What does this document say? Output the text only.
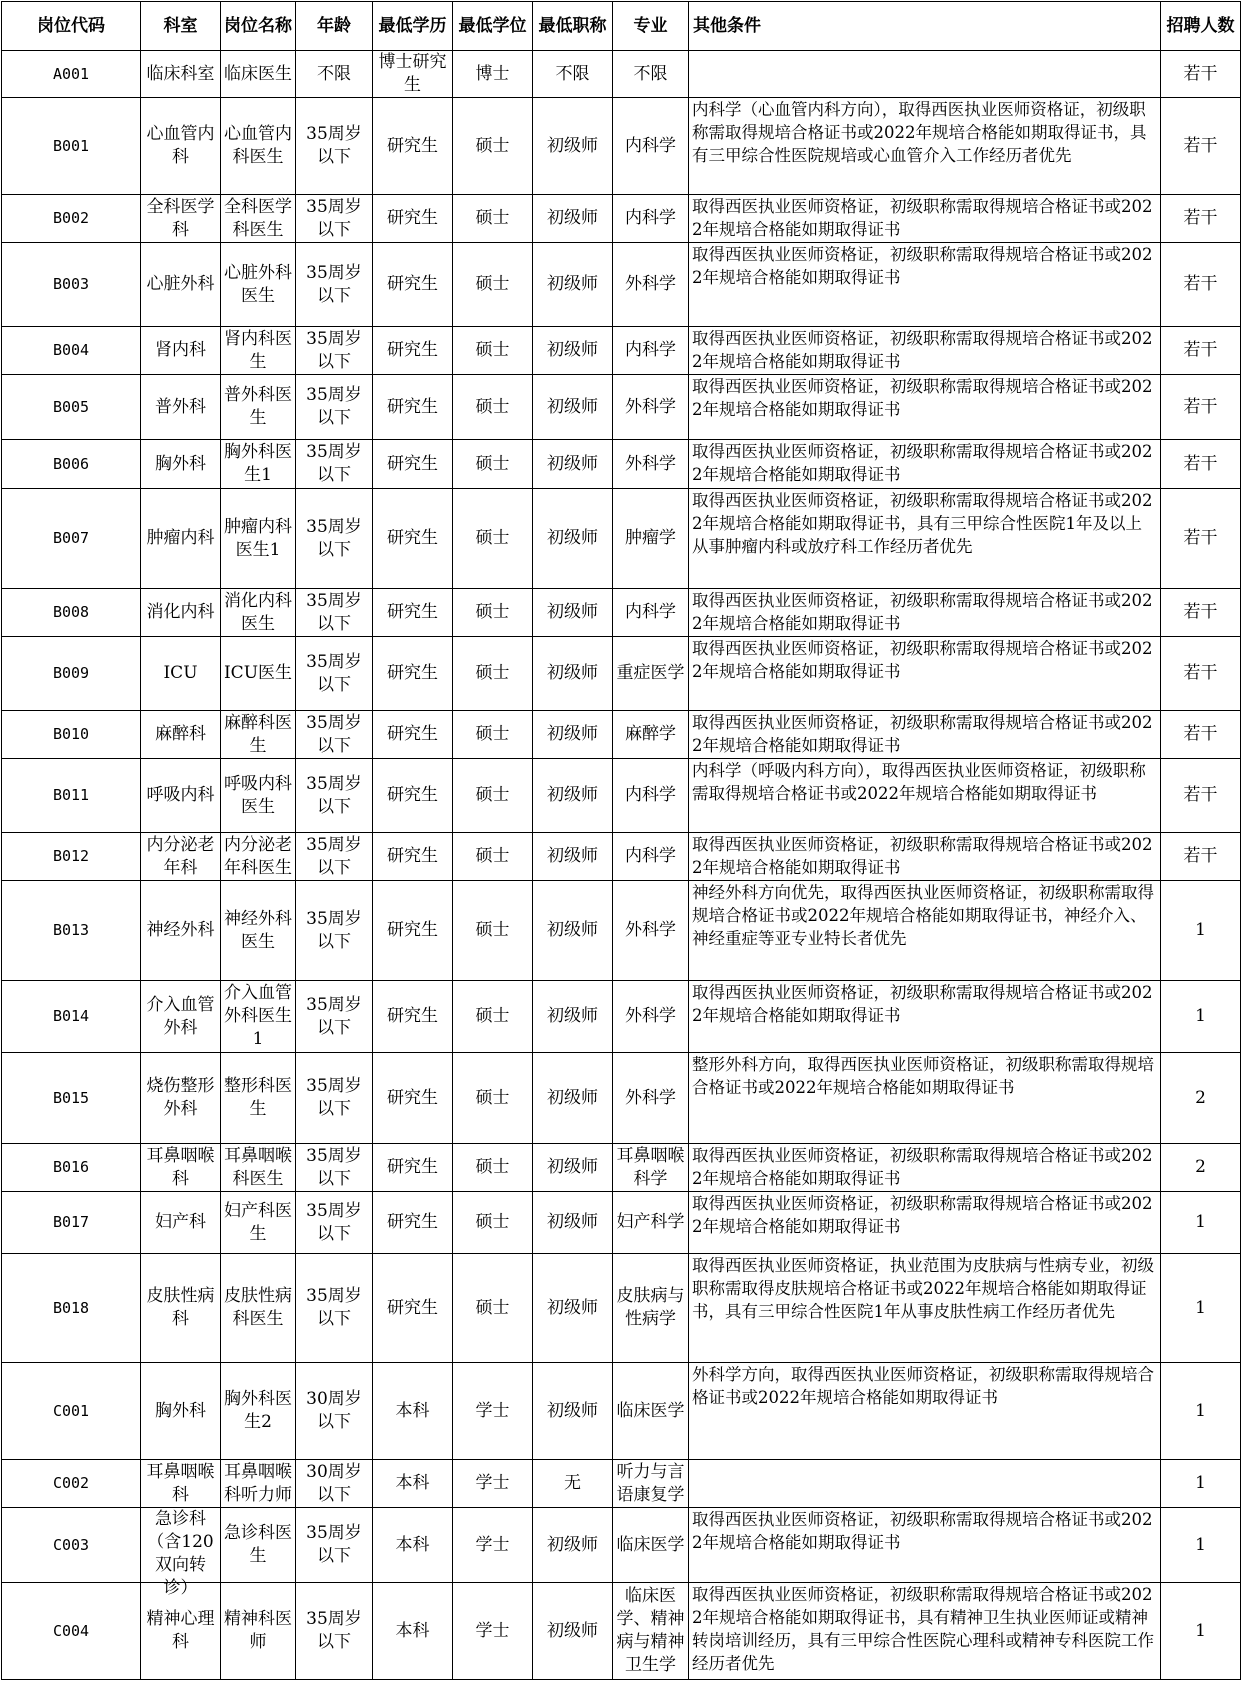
岗位代码	科室	岗位名称	年龄	最低学历	最低学位	最低职称	专业	其他条件	招聘人数
A001	临床科室	临床医生	不限	博士研究生	博士	不限	不限		若干
B001	心血管内科	心血管内科医生	35周岁以下	研究生	硕士	初级师	内科学	内科学（心血管内科方向），取得西医执业医师资格证，初级职称需取得规培合格证书或2022年规培合格能如期取得证书，具有三甲综合性医院规培或心血管介入工作经历者优先	若干
B002	全科医学科	全科医学科医生	35周岁以下	研究生	硕士	初级师	内科学	取得西医执业医师资格证，初级职称需取得规培合格证书或2022年规培合格能如期取得证书	若干
B003	心脏外科	心脏外科医生	35周岁以下	研究生	硕士	初级师	外科学	取得西医执业医师资格证，初级职称需取得规培合格证书或2022年规培合格能如期取得证书	若干
B004	肾内科	肾内科医生	35周岁以下	研究生	硕士	初级师	内科学	取得西医执业医师资格证，初级职称需取得规培合格证书或2022年规培合格能如期取得证书	若干
B005	普外科	普外科医生	35周岁以下	研究生	硕士	初级师	外科学	取得西医执业医师资格证，初级职称需取得规培合格证书或2022年规培合格能如期取得证书	若干
B006	胸外科	胸外科医生1	35周岁以下	研究生	硕士	初级师	外科学	取得西医执业医师资格证，初级职称需取得规培合格证书或2022年规培合格能如期取得证书	若干
B007	肿瘤内科	肿瘤内科医生1	35周岁以下	研究生	硕士	初级师	肿瘤学	取得西医执业医师资格证，初级职称需取得规培合格证书或2022年规培合格能如期取得证书，具有三甲综合性医院1年及以上从事肿瘤内科或放疗科工作经历者优先	若干
B008	消化内科	消化内科医生	35周岁以下	研究生	硕士	初级师	内科学	取得西医执业医师资格证，初级职称需取得规培合格证书或2022年规培合格能如期取得证书	若干
B009	ICU	ICU医生	35周岁以下	研究生	硕士	初级师	重症医学	取得西医执业医师资格证，初级职称需取得规培合格证书或2022年规培合格能如期取得证书	若干
B010	麻醉科	麻醉科医生	35周岁以下	研究生	硕士	初级师	麻醉学	取得西医执业医师资格证，初级职称需取得规培合格证书或2022年规培合格能如期取得证书	若干
B011	呼吸内科	呼吸内科医生	35周岁以下	研究生	硕士	初级师	内科学	内科学（呼吸内科方向），取得西医执业医师资格证，初级职称需取得规培合格证书或2022年规培合格能如期取得证书	若干
B012	内分泌老年科	内分泌老年科医生	35周岁以下	研究生	硕士	初级师	内科学	取得西医执业医师资格证，初级职称需取得规培合格证书或2022年规培合格能如期取得证书	若干
B013	神经外科	神经外科医生	35周岁以下	研究生	硕士	初级师	外科学	神经外科方向优先，取得西医执业医师资格证，初级职称需取得规培合格证书或2022年规培合格能如期取得证书，神经介入、神经重症等亚专业特长者优先	1
B014	介入血管外科	介入血管外科医生1	35周岁以下	研究生	硕士	初级师	外科学	取得西医执业医师资格证，初级职称需取得规培合格证书或2022年规培合格能如期取得证书	1
B015	烧伤整形外科	整形科医生	35周岁以下	研究生	硕士	初级师	外科学	整形外科方向，取得西医执业医师资格证，初级职称需取得规培合格证书或2022年规培合格能如期取得证书	2
B016	耳鼻咽喉科	耳鼻咽喉科医生	35周岁以下	研究生	硕士	初级师	耳鼻咽喉科学	取得西医执业医师资格证，初级职称需取得规培合格证书或2022年规培合格能如期取得证书	2
B017	妇产科	妇产科医生	35周岁以下	研究生	硕士	初级师	妇产科学	取得西医执业医师资格证，初级职称需取得规培合格证书或2022年规培合格能如期取得证书	1
B018	皮肤性病科	皮肤性病科医生	35周岁以下	研究生	硕士	初级师	皮肤病与性病学	取得西医执业医师资格证，执业范围为皮肤病与性病专业，初级职称需取得皮肤规培合格证书或2022年规培合格能如期取得证书，具有三甲综合性医院1年从事皮肤性病工作经历者优先	1
C001	胸外科	胸外科医生2	30周岁以下	本科	学士	初级师	临床医学	外科学方向，取得西医执业医师资格证，初级职称需取得规培合格证书或2022年规培合格能如期取得证书	1
C002	耳鼻咽喉科	耳鼻咽喉科听力师	30周岁以下	本科	学士	无	听力与言语康复学		1
C003	急诊科（含120双向转诊）	急诊科医生	35周岁以下	本科	学士	初级师	临床医学	取得西医执业医师资格证，初级职称需取得规培合格证书或2022年规培合格能如期取得证书	1
C004	精神心理科	精神科医师	35周岁以下	本科	学士	初级师	临床医学、精神病与精神卫生学	取得西医执业医师资格证，初级职称需取得规培合格证书或2022年规培合格能如期取得证书，具有精神卫生执业医师证或精神转岗培训经历，具有三甲综合性医院心理科或精神专科医院工作经历者优先	1
